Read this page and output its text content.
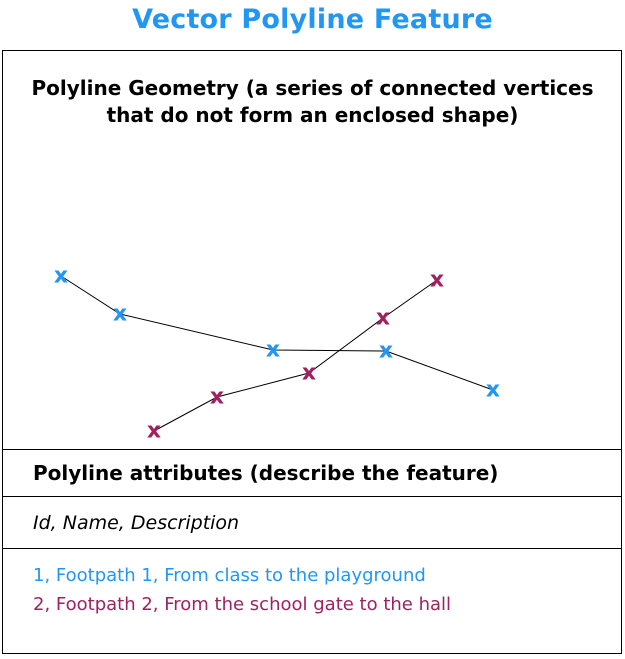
Vector Polyline Feature
Polyline Geometry (a series of connected vertices that do not form an enclosed shape)
x
x
x	x
x
x
x
x
x
x
Polyline attributes (describe the feature)
Id, Name, Description
1, Footpath 1, From class to the playground
2, Footpath 2, From the school gate to the hall
